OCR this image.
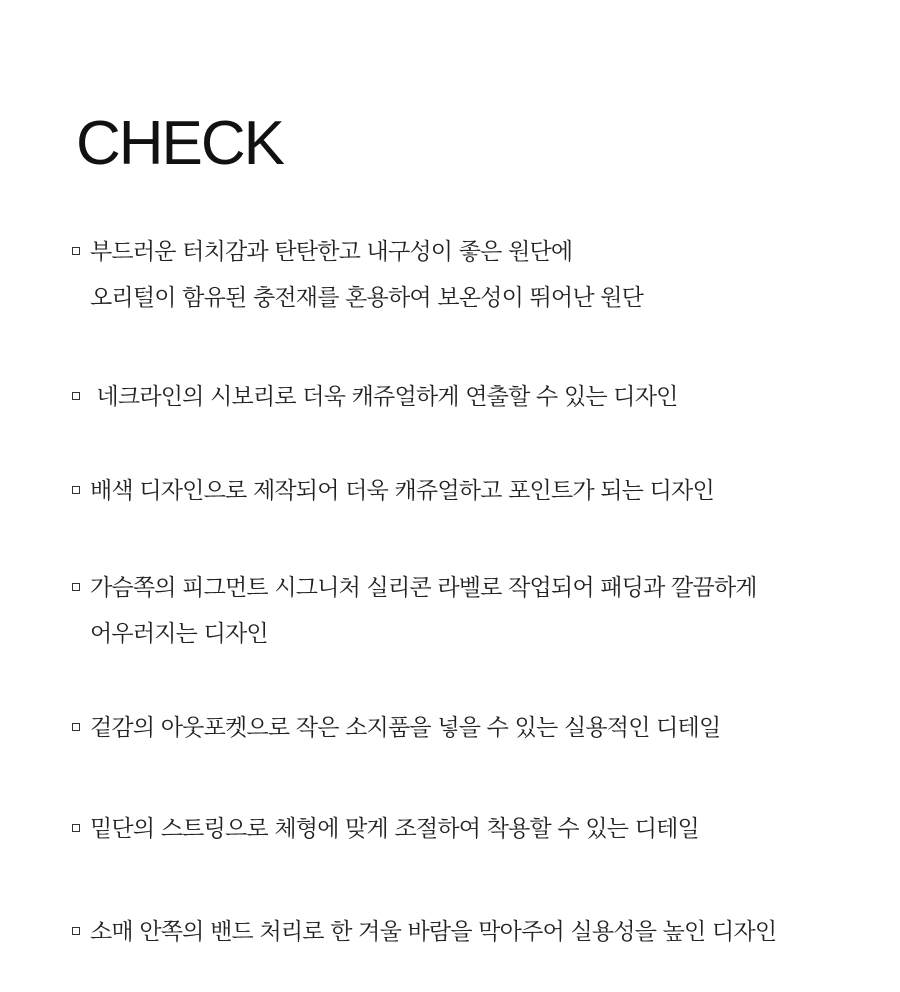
CHECK
부드러운 터치감과 탄탄한고 내구성이 좋은 원단에
오리털이 함유된 충전재를 혼용하여 보온성이 뛰어난 원단
네크라인의 시보리로 더욱 캐쥬얼하게 연출할 수 있는 디자인
배색 디자인으로 제작되어 더욱 캐쥬얼하고 포인트가 되는 디자인
가슴쪽의 피그먼트 시그니처 실리콘 라벨로 작업되어 패딩과 깔끔하게
어우러지는 디자인
겉감의 아웃포켓으로 작은 소지품을 넣을 수 있는 실용적인 디테일
밑단의 스트링으로 체형에 맞게 조절하여 착용할 수 있는 디테일
소매 안쪽의 밴드 처리로 한 겨울 바람을 막아주어 실용성을 높인 디자인
